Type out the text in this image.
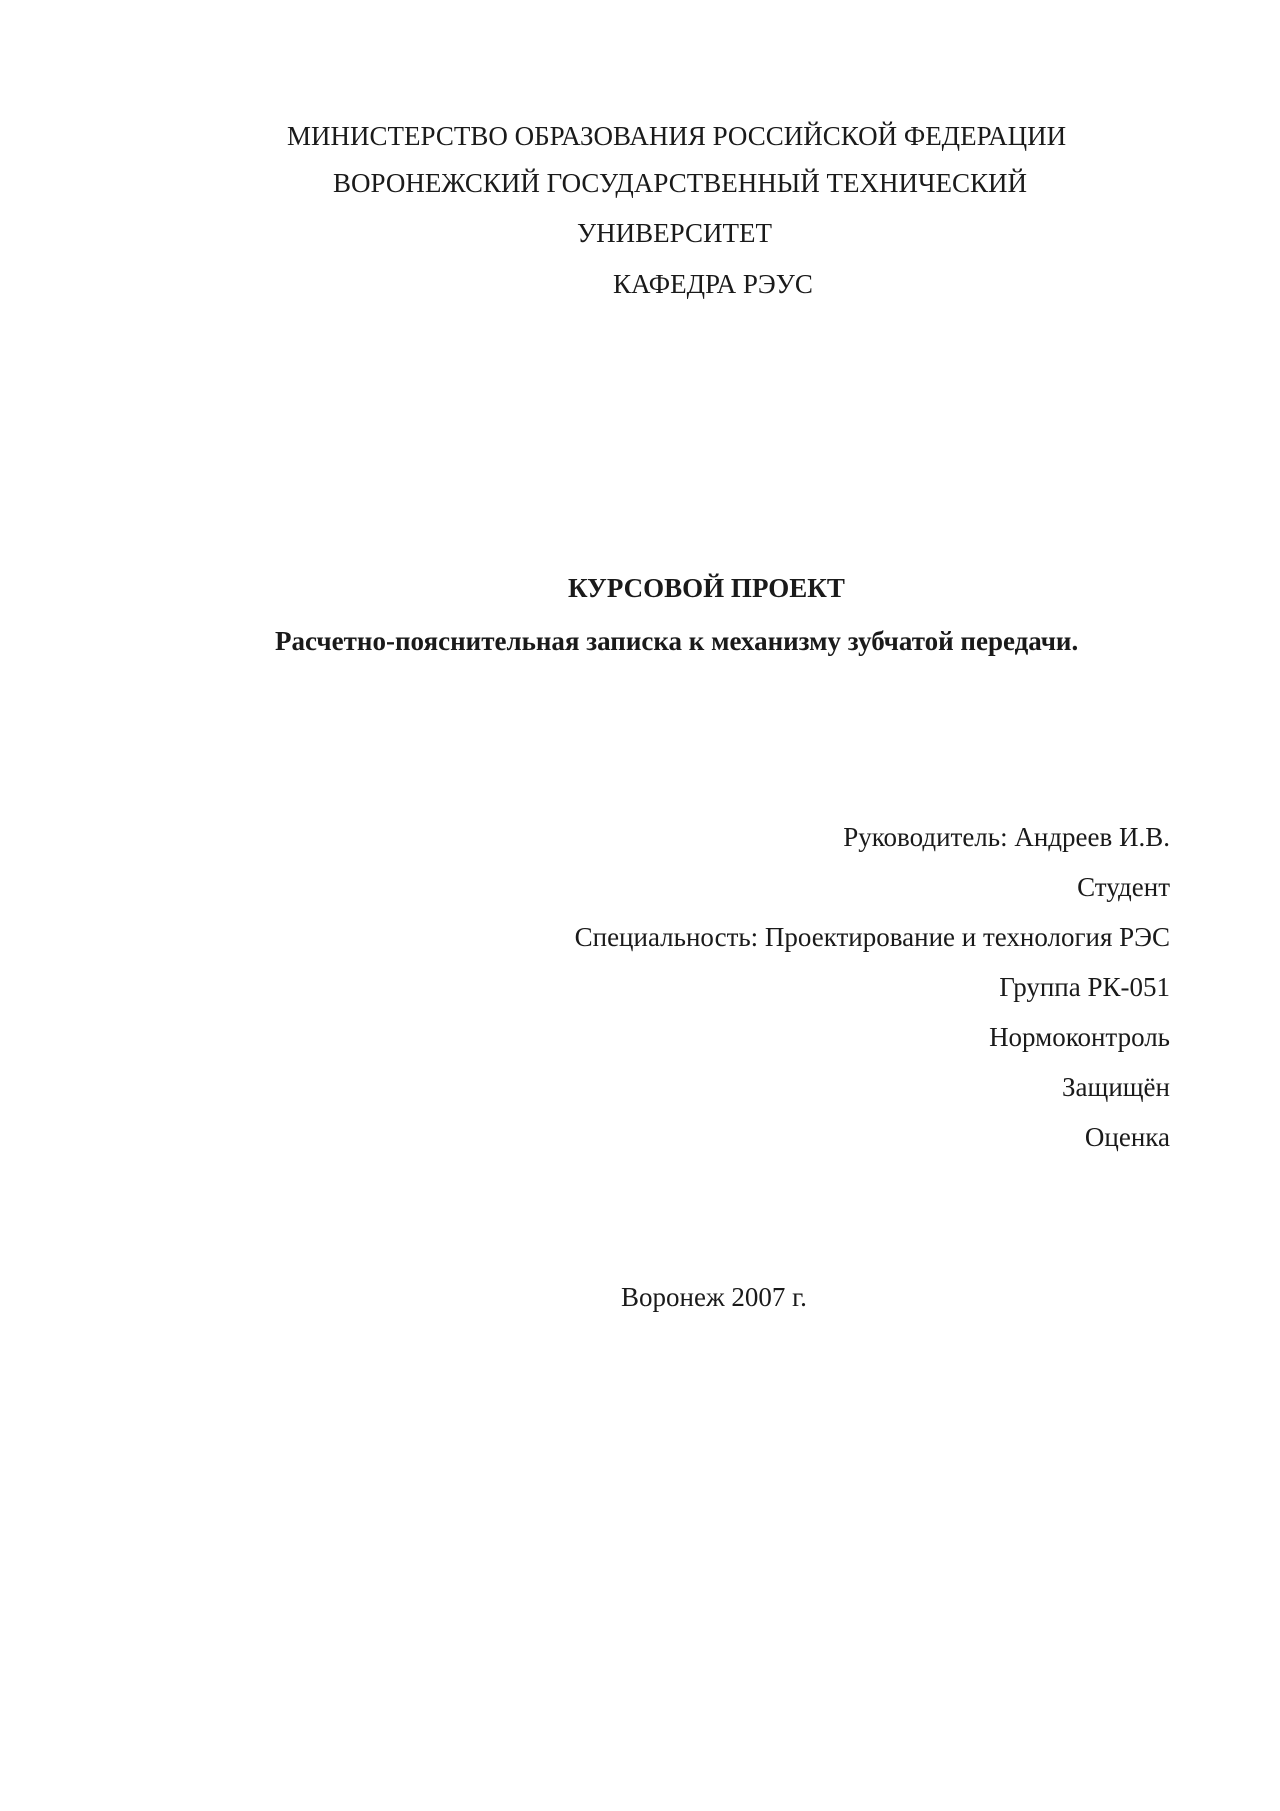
МИНИСТЕРСТВО ОБРАЗОВАНИЯ РОССИЙСКОЙ ФЕДЕРАЦИИ

ВОРОНЕЖСКИЙ ГОСУДАРСТВЕННЫЙ ТЕХНИЧЕСКИЙ

УНИВЕРСИТЕТ

КАФЕДРА РЭУС

КУРСОВОЙ ПРОЕКТ

Расчетно-пояснительная записка к механизму зубчатой передачи.

Руководитель: Андреев И.В.

Студент

Специальность: Проектирование и технология РЭС

Группа РК-051

Нормоконтроль

Защищён

Оценка

Воронеж 2007 г.
